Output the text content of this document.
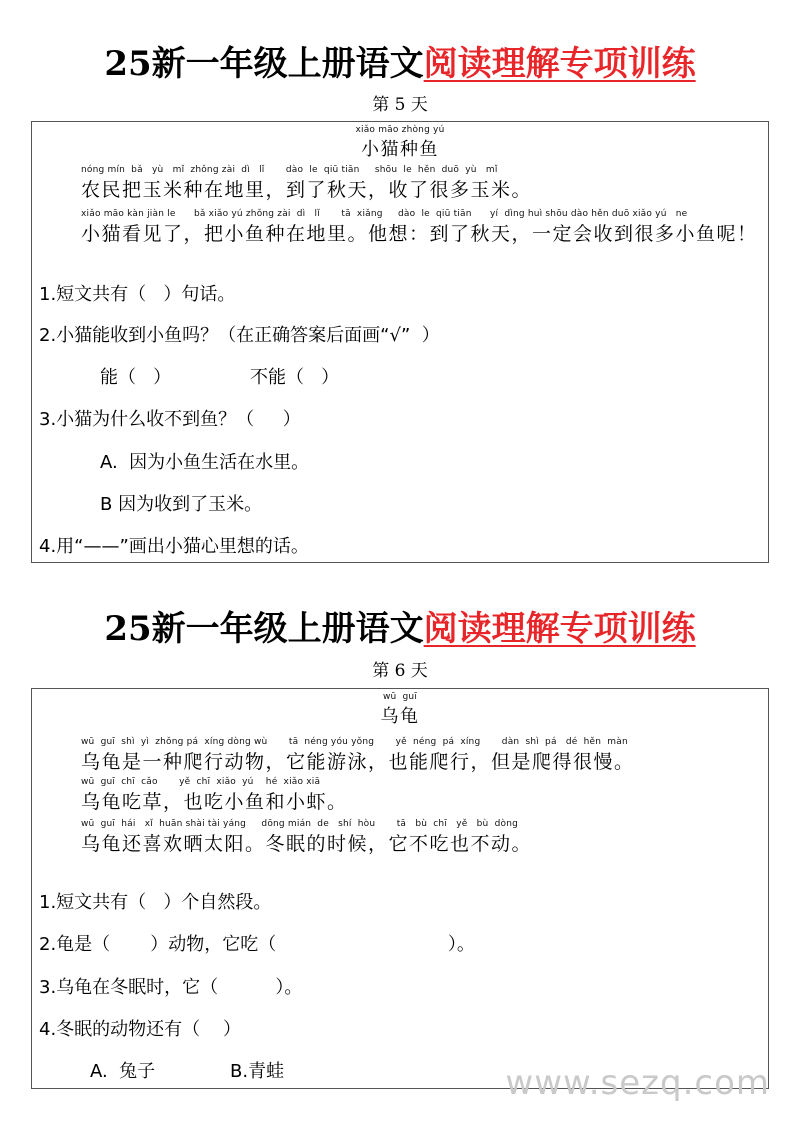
25新一年级上册语文阅读理解专项训练
第 5 天
xiǎo māo zhòng yú
小猫种鱼
nóng mín  bǎ   yù   mǐ  zhǒng zài  dì   lǐ       dào  le  qiū tiān     shōu  le  hěn  duō  yù   mǐ
农民把玉米种在地里，到了秋天，收了很多玉米。
xiǎo māo kàn jiàn le      bǎ xiǎo yú zhǒng zài  dì   lǐ       tā  xiǎng     dào  le  qiū tiān      yí  dìng huì shōu dào hěn duō xiǎo yú   ne
小猫看见了，把小鱼种在地里。他想：到了秋天，一定会收到很多小鱼呢！
1.短文共有（   ）句话。
2.小猫能收到小鱼吗？（在正确答案后面画“√”  ）
能（   ）	不能（   ）
3.小猫为什么收不到鱼？（     ）
A.  因为小鱼生活在水里。
B 因为收到了玉米。
4.用“——”画出小猫心里想的话。
25新一年级上册语文阅读理解专项训练
第 6 天
wū  guī
乌龟
wū  guī  shì  yì  zhǒng pá  xíng dòng wù       tā  néng yóu yǒng       yě  néng  pá  xíng       dàn  shì  pá   dé  hěn  màn
乌龟是一种爬行动物，它能游泳，也能爬行，但是爬得很慢。
wū  guī  chī  cǎo       yě  chī  xiǎo  yú    hé  xiǎo xiā
乌龟吃草，也吃小鱼和小虾。
wū  guī  hái   xǐ  huān shài tài yáng     dōng mián  de   shí  hòu       tā   bù  chī   yě   bù  dòng
乌龟还喜欢晒太阳。冬眠的时候，它不吃也不动。
1.短文共有（   ）个自然段。
2.龟是（       ）动物，它吃（                              ）。
3.乌龟在冬眠时，它（          ）。
4.冬眠的动物还有（    ）
A.  兔子	B.青蛙	www.sezq.com
